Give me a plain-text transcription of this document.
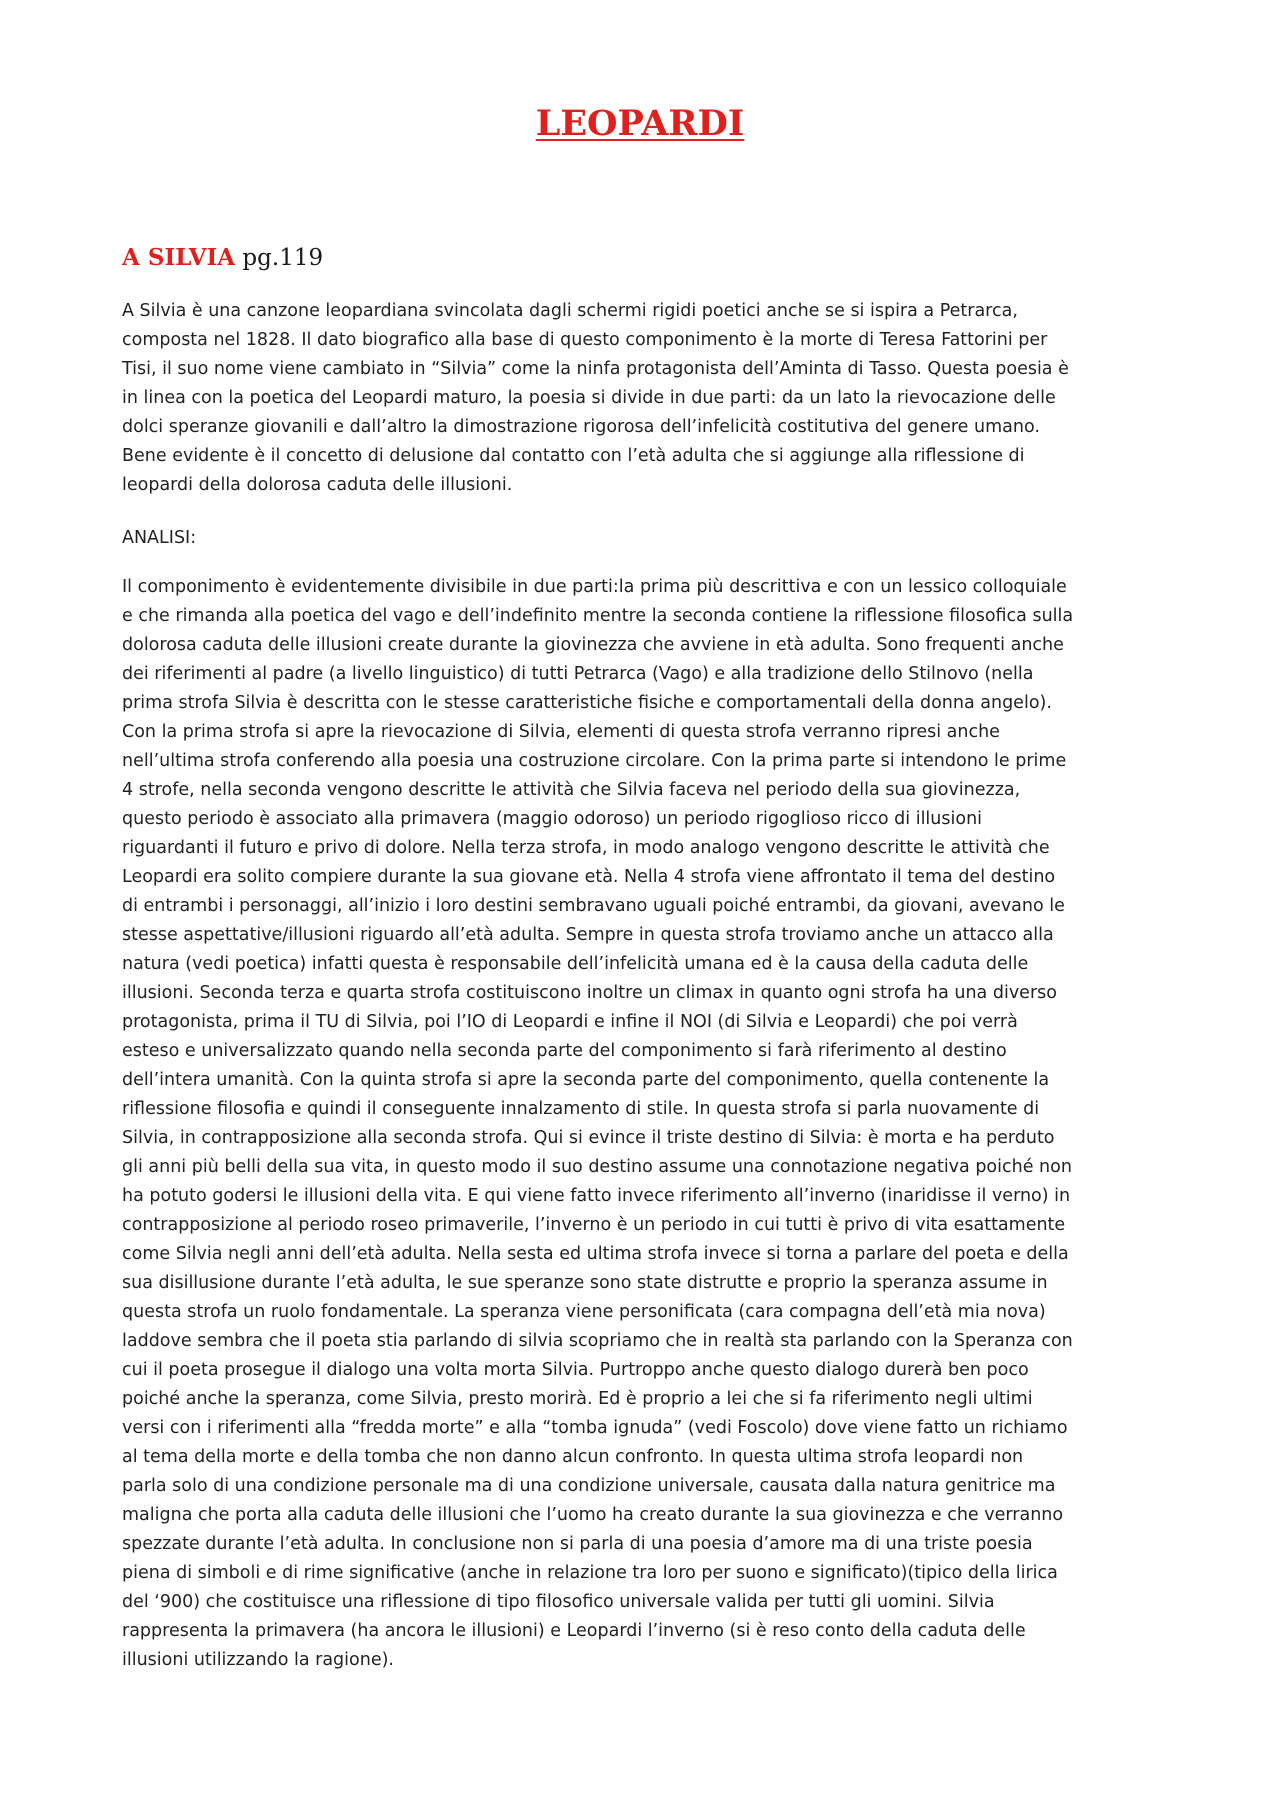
LEOPARDI
A SILVIA pg.119
A Silvia è una canzone leopardiana svincolata dagli schermi rigidi poetici anche se si ispira a Petrarca,
composta nel 1828. Il dato biografico alla base di questo componimento è la morte di Teresa Fattorini per
Tisi, il suo nome viene cambiato in “Silvia” come la ninfa protagonista dell’Aminta di Tasso. Questa poesia è
in linea con la poetica del Leopardi maturo, la poesia si divide in due parti: da un lato la rievocazione delle
dolci speranze giovanili e dall’altro la dimostrazione rigorosa dell’infelicità costitutiva del genere umano.
Bene evidente è il concetto di delusione dal contatto con l’età adulta che si aggiunge alla riflessione di
leopardi della dolorosa caduta delle illusioni.
ANALISI:
Il componimento è evidentemente divisibile in due parti:la prima più descrittiva e con un lessico colloquiale
e che rimanda alla poetica del vago e dell’indefinito mentre la seconda contiene la riflessione filosofica sulla
dolorosa caduta delle illusioni create durante la giovinezza che avviene in età adulta. Sono frequenti anche
dei riferimenti al padre (a livello linguistico) di tutti Petrarca (Vago) e alla tradizione dello Stilnovo (nella
prima strofa Silvia è descritta con le stesse caratteristiche fisiche e comportamentali della donna angelo).
Con la prima strofa si apre la rievocazione di Silvia, elementi di questa strofa verranno ripresi anche
nell’ultima strofa conferendo alla poesia una costruzione circolare. Con la prima parte si intendono le prime
4 strofe, nella seconda vengono descritte le attività che Silvia faceva nel periodo della sua giovinezza,
questo periodo è associato alla primavera (maggio odoroso) un periodo rigoglioso ricco di illusioni
riguardanti il futuro e privo di dolore. Nella terza strofa, in modo analogo vengono descritte le attività che
Leopardi era solito compiere durante la sua giovane età. Nella 4 strofa viene affrontato il tema del destino
di entrambi i personaggi, all’inizio i loro destini sembravano uguali poiché entrambi, da giovani, avevano le
stesse aspettative/illusioni riguardo all’età adulta. Sempre in questa strofa troviamo anche un attacco alla
natura (vedi poetica) infatti questa è responsabile dell’infelicità umana ed è la causa della caduta delle
illusioni. Seconda terza e quarta strofa costituiscono inoltre un climax in quanto ogni strofa ha una diverso
protagonista, prima il TU di Silvia, poi l’IO di Leopardi e infine il NOI (di Silvia e Leopardi) che poi verrà
esteso e universalizzato quando nella seconda parte del componimento si farà riferimento al destino
dell’intera umanità. Con la quinta strofa si apre la seconda parte del componimento, quella contenente la
riflessione filosofia e quindi il conseguente innalzamento di stile. In questa strofa si parla nuovamente di
Silvia, in contrapposizione alla seconda strofa. Qui si evince il triste destino di Silvia: è morta e ha perduto
gli anni più belli della sua vita, in questo modo il suo destino assume una connotazione negativa poiché non
ha potuto godersi le illusioni della vita. E qui viene fatto invece riferimento all’inverno (inaridisse il verno) in
contrapposizione al periodo roseo primaverile, l’inverno è un periodo in cui tutti è privo di vita esattamente
come Silvia negli anni dell’età adulta. Nella sesta ed ultima strofa invece si torna a parlare del poeta e della
sua disillusione durante l’età adulta, le sue speranze sono state distrutte e proprio la speranza assume in
questa strofa un ruolo fondamentale. La speranza viene personificata (cara compagna dell’età mia nova)
laddove sembra che il poeta stia parlando di silvia scopriamo che in realtà sta parlando con la Speranza con
cui il poeta prosegue il dialogo una volta morta Silvia. Purtroppo anche questo dialogo durerà ben poco
poiché anche la speranza, come Silvia, presto morirà. Ed è proprio a lei che si fa riferimento negli ultimi
versi con i riferimenti alla “fredda morte” e alla “tomba ignuda” (vedi Foscolo) dove viene fatto un richiamo
al tema della morte e della tomba che non danno alcun confronto. In questa ultima strofa leopardi non
parla solo di una condizione personale ma di una condizione universale, causata dalla natura genitrice ma
maligna che porta alla caduta delle illusioni che l’uomo ha creato durante la sua giovinezza e che verranno
spezzate durante l’età adulta. In conclusione non si parla di una poesia d’amore ma di una triste poesia
piena di simboli e di rime significative (anche in relazione tra loro per suono e significato)(tipico della lirica
del ‘900) che costituisce una riflessione di tipo filosofico universale valida per tutti gli uomini. Silvia
rappresenta la primavera (ha ancora le illusioni) e Leopardi l’inverno (si è reso conto della caduta delle
illusioni utilizzando la ragione).
